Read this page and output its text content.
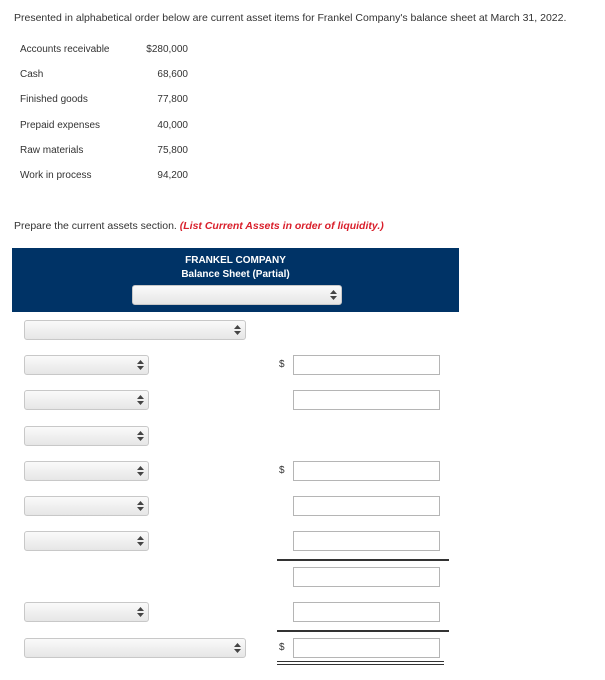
Presented in alphabetical order below are current asset items for Frankel Company's balance sheet at March 31, 2022.
Accounts receivable	$280,000
Cash	68,600
Finished goods	77,800
Prepaid expenses	40,000
Raw materials	75,800
Work in process	94,200
Prepare the current assets section. (List Current Assets in order of liquidity.)
FRANKEL COMPANY
Balance Sheet (Partial)
$
$
$
